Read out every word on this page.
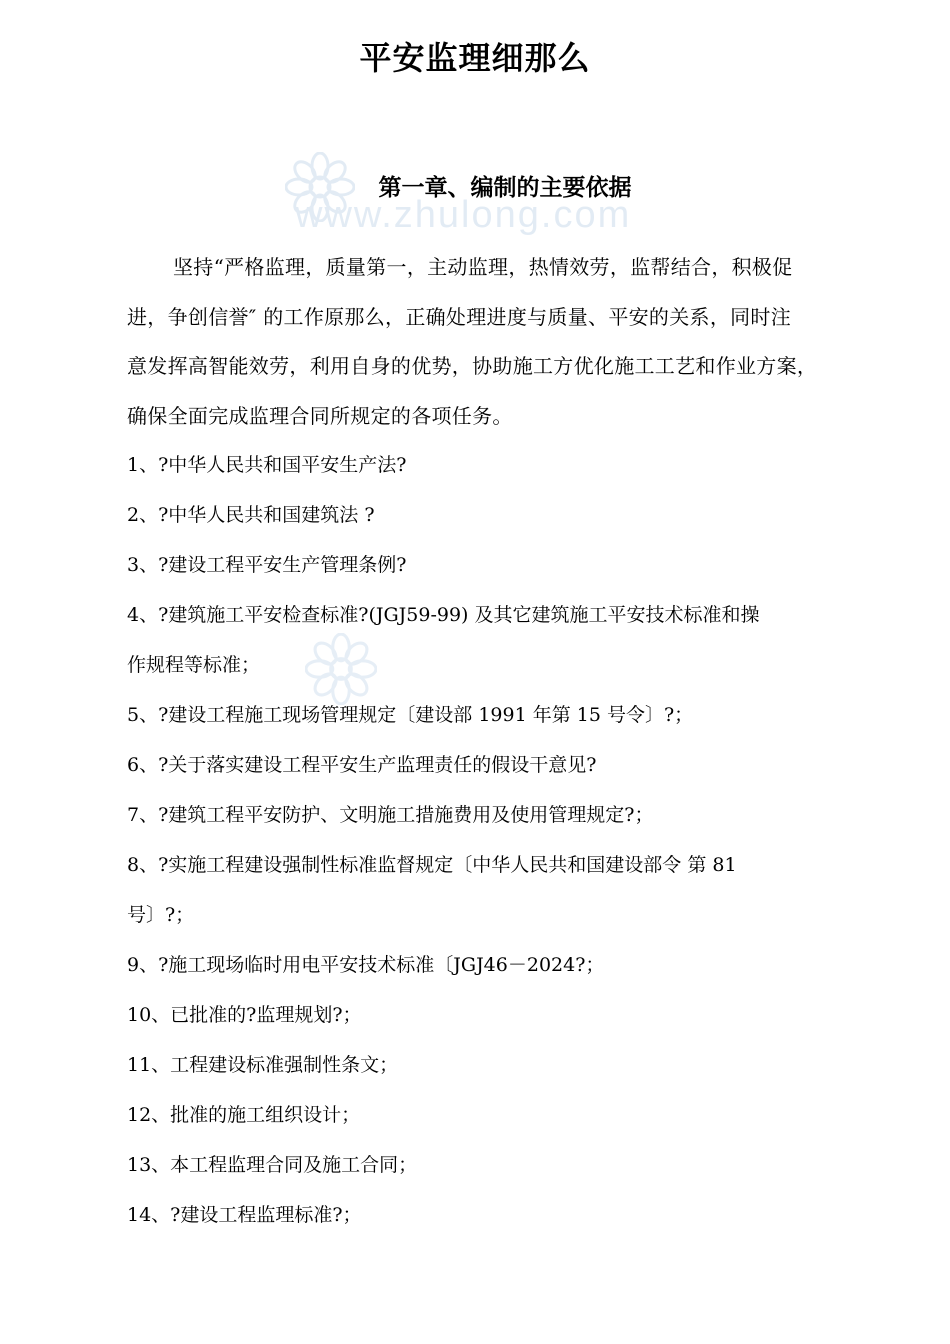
www.zhulong.com
平安监理细那么
第一章、编制的主要依据
坚持“严格监理，质量第一，主动监理，热情效劳，监帮结合，积极促
进，争创信誉″ 的工作原那么，正确处理进度与质量、平安的关系，同时注
意发挥高智能效劳，利用自身的优势，协助施工方优化施工工艺和作业方案，
确保全面完成监理合同所规定的各项任务。
1、?中华人民共和国平安生产法?
2、?中华人民共和国建筑法 ?
3、?建设工程平安生产管理条例?
4、?建筑施工平安检查标准?(JGJ59-99) 及其它建筑施工平安技术标准和操
作规程等标准；
5、?建设工程施工现场管理规定〔建设部 1991 年第 15 号令〕?；
6、?关于落实建设工程平安生产监理责任的假设干意见?
7、?建筑工程平安防护、文明施工措施费用及使用管理规定?；
8、?实施工程建设强制性标准监督规定〔中华人民共和国建设部令 第 81
号〕?；
9、?施工现场临时用电平安技术标准〔JGJ46－2024?；
10、已批准的?监理规划?；
11、工程建设标准强制性条文；
12、批准的施工组织设计；
13、本工程监理合同及施工合同；
14、?建设工程监理标准?；
